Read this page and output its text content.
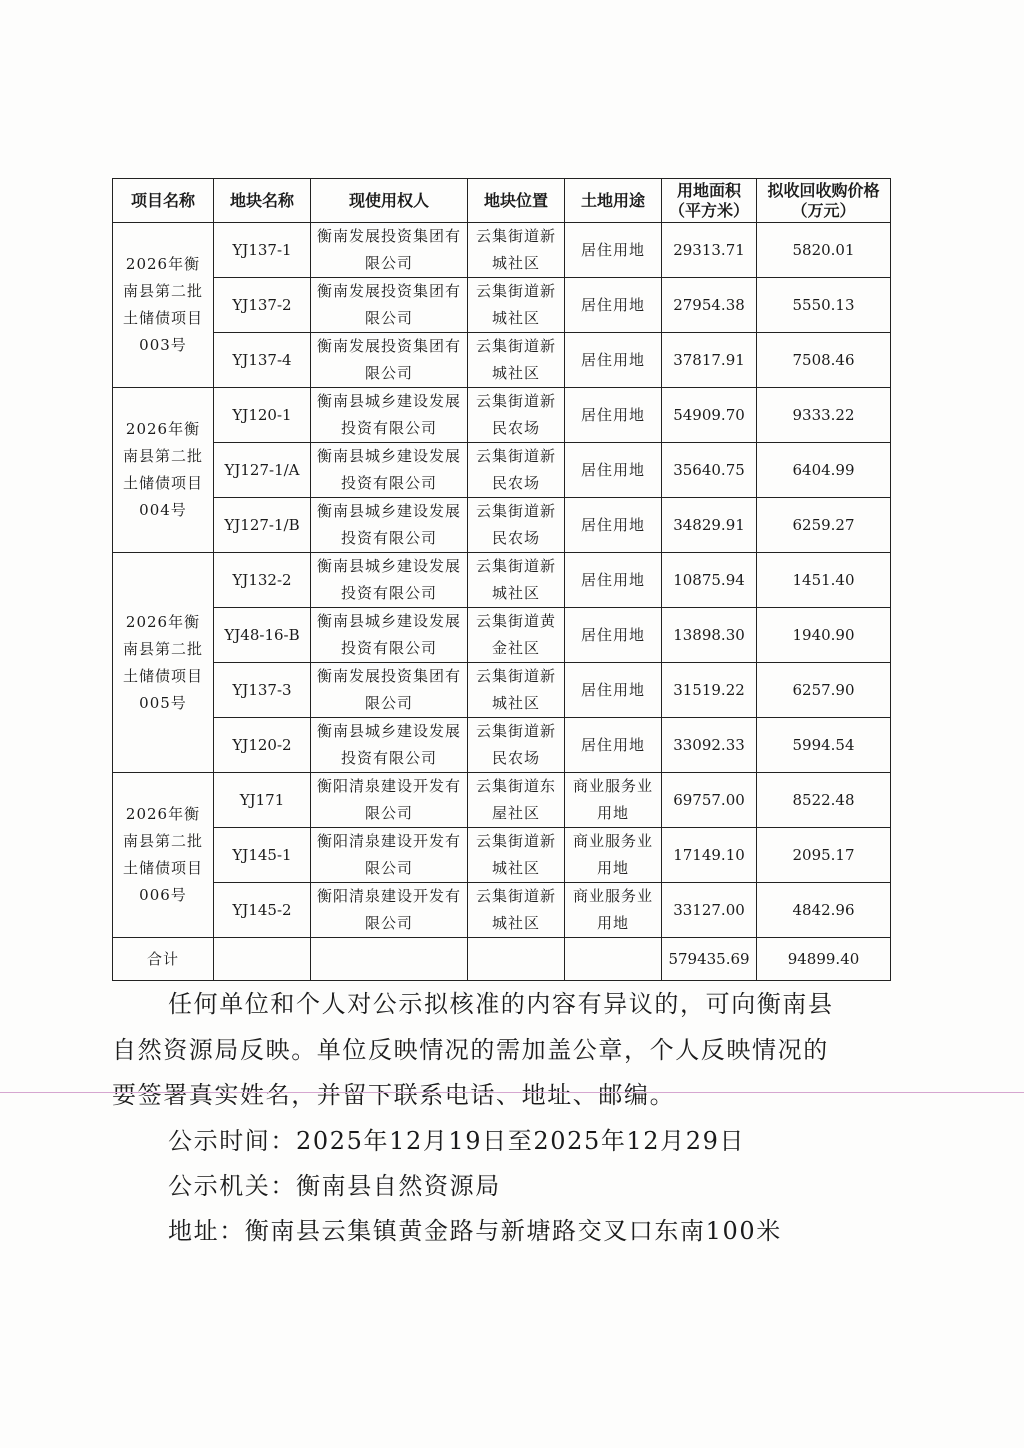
项目名称	地块名称	现使用权人	地块位置	土地用途	用地面积（平方米）	拟收回收购价格（万元）
2026年衡南县第二批土储债项目003号	YJ137-1	衡南发展投资集团有限公司	云集街道新城社区	居住用地	29313.71	5820.01
	YJ137-2	衡南发展投资集团有限公司	云集街道新城社区	居住用地	27954.38	5550.13
	YJ137-4	衡南发展投资集团有限公司	云集街道新城社区	居住用地	37817.91	7508.46
2026年衡南县第二批土储债项目004号	YJ120-1	衡南县城乡建设发展投资有限公司	云集街道新民农场	居住用地	54909.70	9333.22
	YJ127-1/A	衡南县城乡建设发展投资有限公司	云集街道新民农场	居住用地	35640.75	6404.99
	YJ127-1/B	衡南县城乡建设发展投资有限公司	云集街道新民农场	居住用地	34829.91	6259.27
2026年衡南县第二批土储债项目005号	YJ132-2	衡南县城乡建设发展投资有限公司	云集街道新城社区	居住用地	10875.94	1451.40
	YJ48-16-B	衡南县城乡建设发展投资有限公司	云集街道黄金社区	居住用地	13898.30	1940.90
	YJ137-3	衡南发展投资集团有限公司	云集街道新城社区	居住用地	31519.22	6257.90
	YJ120-2	衡南县城乡建设发展投资有限公司	云集街道新民农场	居住用地	33092.33	5994.54
2026年衡南县第二批土储债项目006号	YJ171	衡阳清泉建设开发有限公司	云集街道东屋社区	商业服务业用地	69757.00	8522.48
	YJ145-1	衡阳清泉建设开发有限公司	云集街道新城社区	商业服务业用地	17149.10	2095.17
	YJ145-2	衡阳清泉建设开发有限公司	云集街道新城社区	商业服务业用地	33127.00	4842.96
合计					579435.69	94899.40
任何单位和个人对公示拟核准的内容有异议的，可向衡南县
自然资源局反映。单位反映情况的需加盖公章，个人反映情况的
要签署真实姓名，并留下联系电话、地址、邮编。
公示时间：2025年12月19日至2025年12月29日
公示机关：衡南县自然资源局
地址：衡南县云集镇黄金路与新塘路交叉口东南100米
